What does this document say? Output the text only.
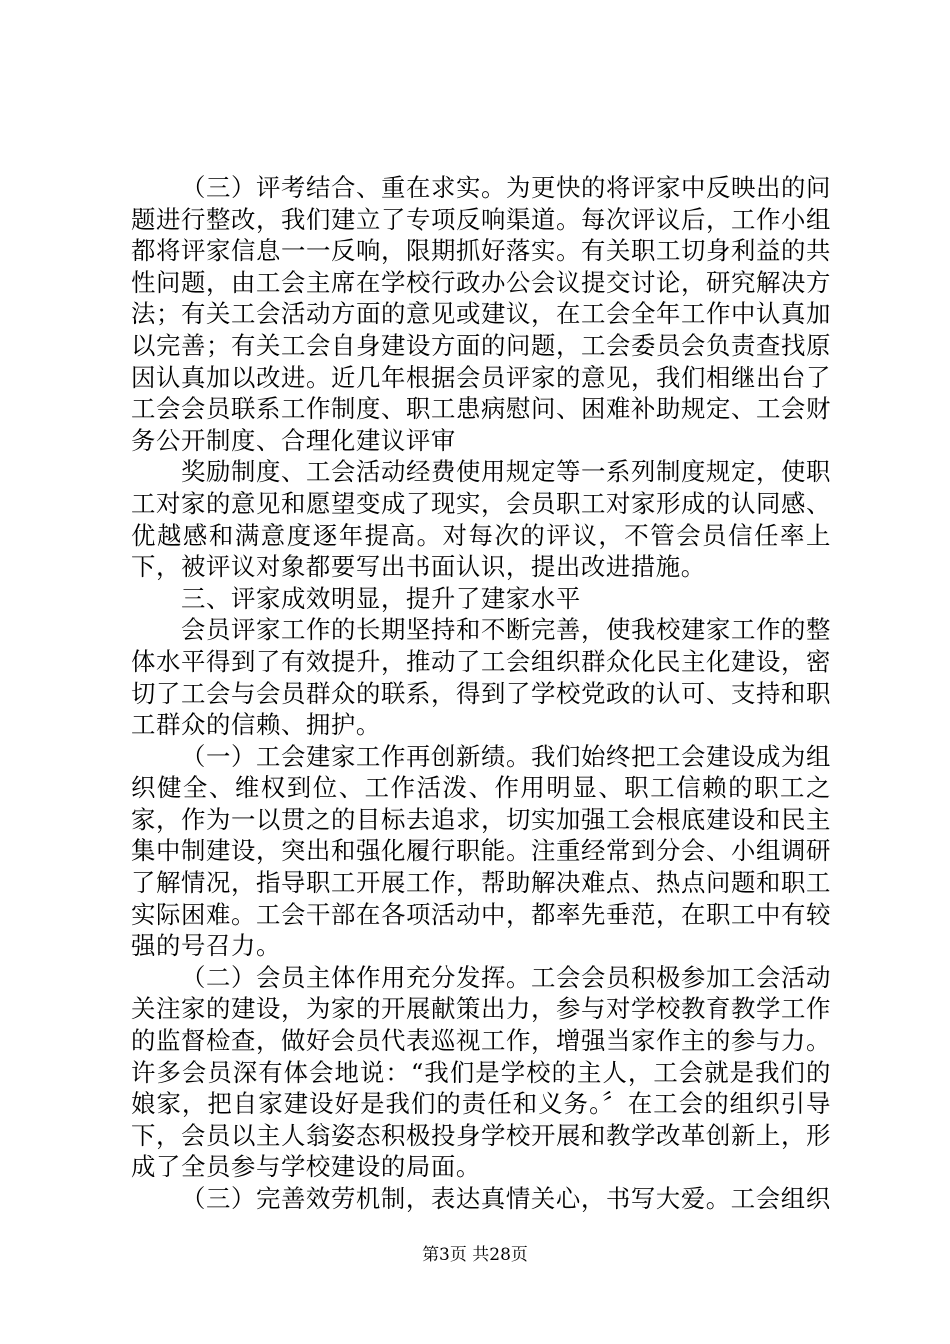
（三）评考结合、重在求实。为更快的将评家中反映出的问题进行整改，我们建立了专项反响渠道。每次评议后，工作小组都将评家信息一一反响，限期抓好落实。有关职工切身利益的共性问题，由工会主席在学校行政办公会议提交讨论，研究解决方法；有关工会活动方面的意见或建议，在工会全年工作中认真加以完善；有关工会自身建设方面的问题，工会委员会负责查找原因认真加以改进。近几年根据会员评家的意见，我们相继出台了工会会员联系工作制度、职工患病慰问、困难补助规定、工会财务公开制度、合理化建议评审

奖励制度、工会活动经费使用规定等一系列制度规定，使职工对家的意见和愿望变成了现实，会员职工对家形成的认同感、优越感和满意度逐年提高。对每次的评议，不管会员信任率上下，被评议对象都要写出书面认识，提出改进措施。

三、评家成效明显，提升了建家水平

会员评家工作的长期坚持和不断完善，使我校建家工作的整体水平得到了有效提升，推动了工会组织群众化民主化建设，密切了工会与会员群众的联系，得到了学校党政的认可、支持和职工群众的信赖、拥护。

（一）工会建家工作再创新绩。我们始终把工会建设成为组织健全、维权到位、工作活泼、作用明显、职工信赖的职工之家，作为一以贯之的目标去追求，切实加强工会根底建设和民主集中制建设，突出和强化履行职能。注重经常到分会、小组调研了解情况，指导职工开展工作，帮助解决难点、热点问题和职工实际困难。工会干部在各项活动中，都率先垂范，在职工中有较强的号召力。

（二）会员主体作用充分发挥。工会会员积极参加工会活动关注家的建设，为家的开展献策出力，参与对学校教育教学工作的监督检查，做好会员代表巡视工作，增强当家作主的参与力。许多会员深有体会地说：“我们是学校的主人，工会就是我们的娘家，把自家建设好是我们的责任和义务。〞在工会的组织引导下，会员以主人翁姿态积极投身学校开展和教学改革创新上，形成了全员参与学校建设的局面。

（三）完善效劳机制，表达真情关心，书写大爱。工会组织

第3页 共28页
